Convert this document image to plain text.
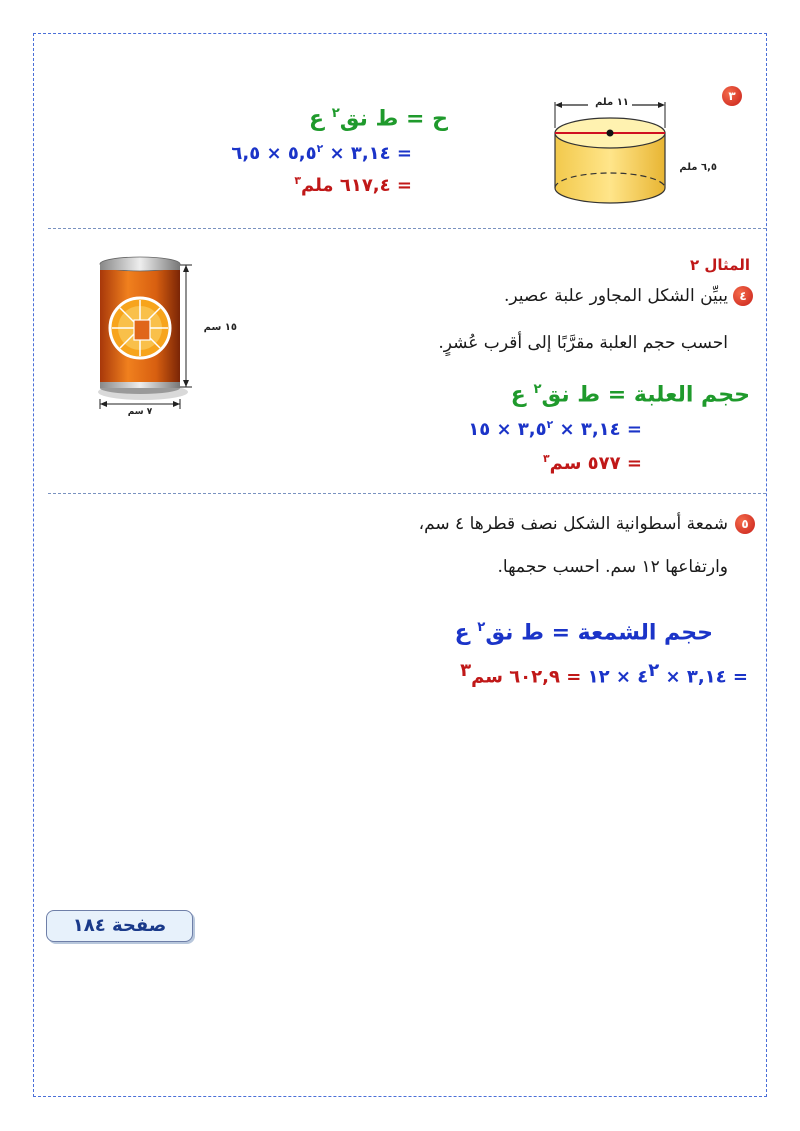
٣
١١ ملم
٦,٥ ملم
ح = ط نق$^٢$ ع
= ٣,١٤ × $٥,٥^٢$ × ٦,٥
= ٦١٧,٤ ملم$^٣$
١٥ سم
٧ سم
المثال ٢
٤
يبيِّن الشكل المجاور علبة عصير.
احسب حجم العلبة مقرَّبًا إلى أقرب عُشرٍ.
حجم العلبة = ط نق$^٢$ ع
= ٣,١٤ × $٣,٥^٢$ × ١٥
= ٥٧٧ سم$^٣$
٥
شمعة أسطوانية الشكل نصف قطرها ٤ سم،
وارتفاعها ١٢ سم. احسب حجمها.
حجم الشمعة = ط نق$^٢$ ع
= ٣,١٤ × $٤^٢$ × ١٢ = ٦٠٢,٩ سم$^٣$
صفحة ١٨٤
